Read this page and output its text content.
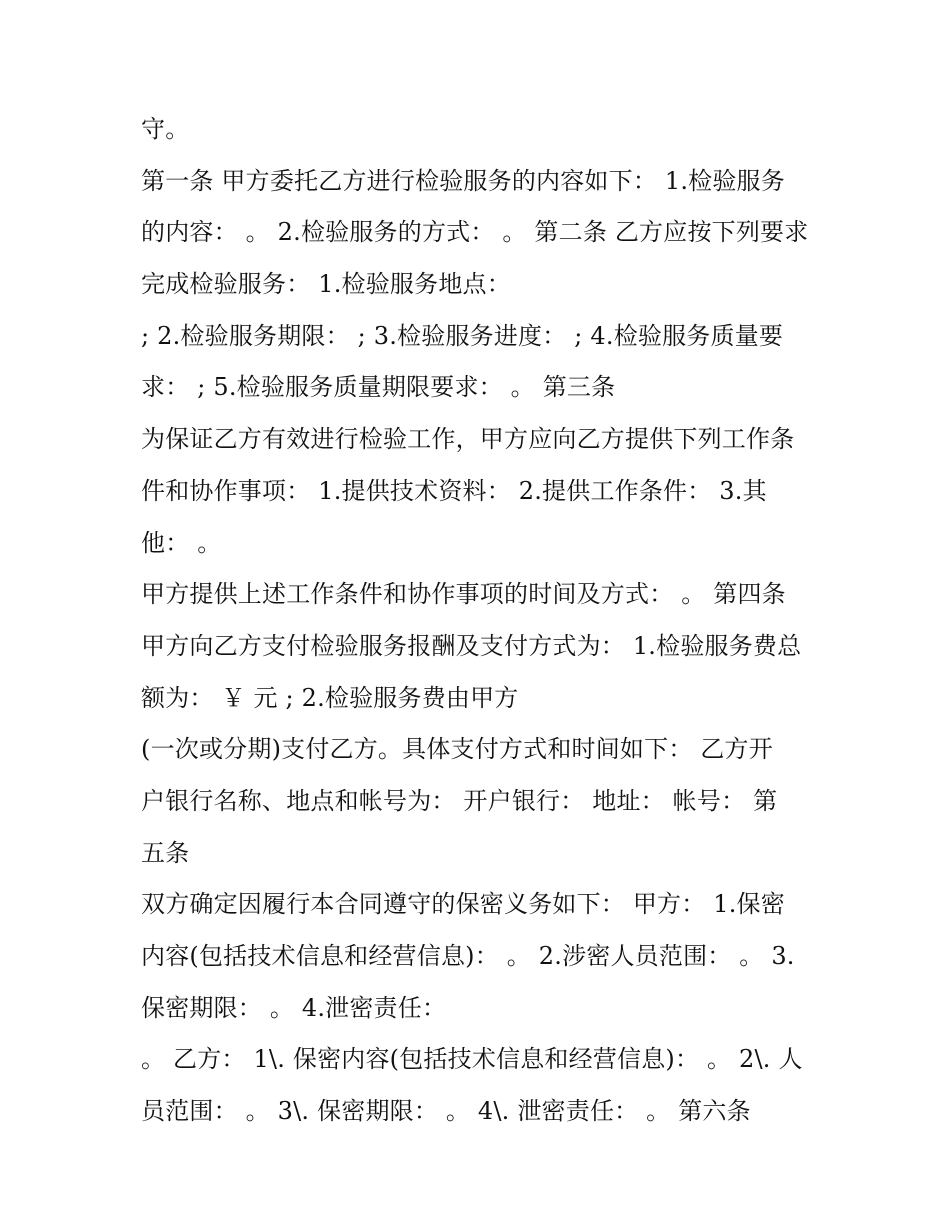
守。
第一条 甲方委托乙方进行检验服务的内容如下： 1.检验服务
的内容： 。 2.检验服务的方式： 。 第二条 乙方应按下列要求
完成检验服务： 1.检验服务地点：
; 2.检验服务期限： ; 3.检验服务进度： ; 4.检验服务质量要
求： ; 5.检验服务质量期限要求： 。 第三条
为保证乙方有效进行检验工作，甲方应向乙方提供下列工作条
件和协作事项： 1.提供技术资料： 2.提供工作条件： 3.其
他： 。
甲方提供上述工作条件和协作事项的时间及方式： 。 第四条
甲方向乙方支付检验服务报酬及支付方式为： 1.检验服务费总
额为： ￥ 元 ; 2.检验服务费由甲方
(一次或分期)支付乙方。具体支付方式和时间如下： 乙方开
户银行名称、地点和帐号为： 开户银行： 地址： 帐号： 第
五条
双方确定因履行本合同遵守的保密义务如下： 甲方： 1.保密
内容(包括技术信息和经营信息)： 。 2.涉密人员范围： 。 3.
保密期限： 。 4.泄密责任：
。 乙方： 1\. 保密内容(包括技术信息和经营信息)： 。 2\. 人
员范围： 。 3\. 保密期限： 。 4\. 泄密责任： 。 第六条
